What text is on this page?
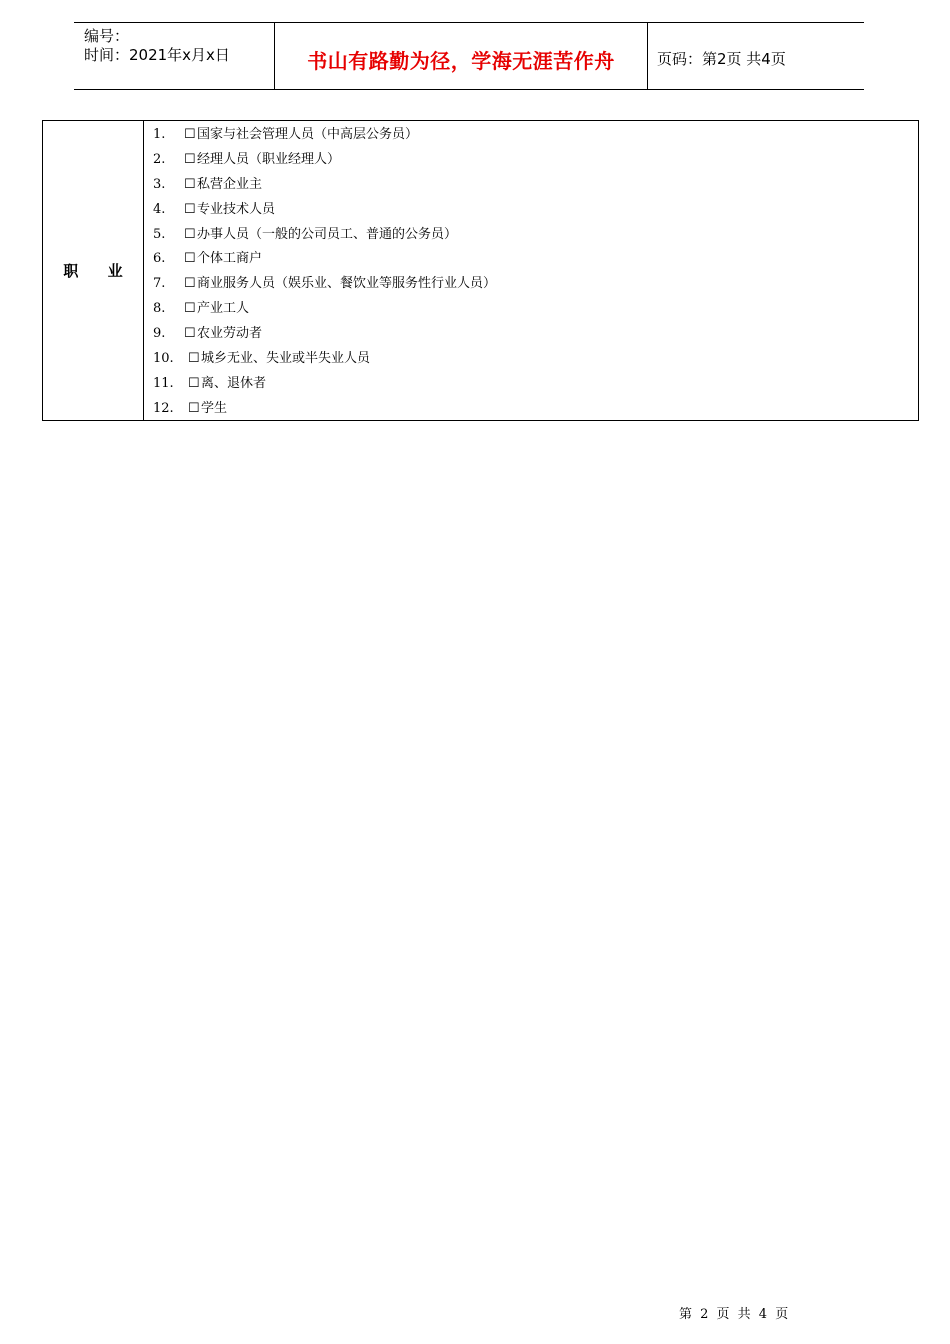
编号：
时间：2021年x月x日	书山有路勤为径，学海无涯苦作舟	页码：第2页 共4页
职 业
1.	☐ 国家与社会管理人员（中高层公务员）
2.	☐ 经理人员（职业经理人）
3.	☐ 私营企业主
4.	☐ 专业技术人员
5.	☐ 办事人员（一般的公司员工、普通的公务员）
6.	☐ 个体工商户
7.	☐ 商业服务人员（娱乐业、餐饮业等服务性行业人员）
8.	☐ 产业工人
9.	☐ 农业劳动者
10.	☐ 城乡无业、失业或半失业人员
11.	☐ 离、退休者
12.	☐ 学生
第 2 页 共 4 页
